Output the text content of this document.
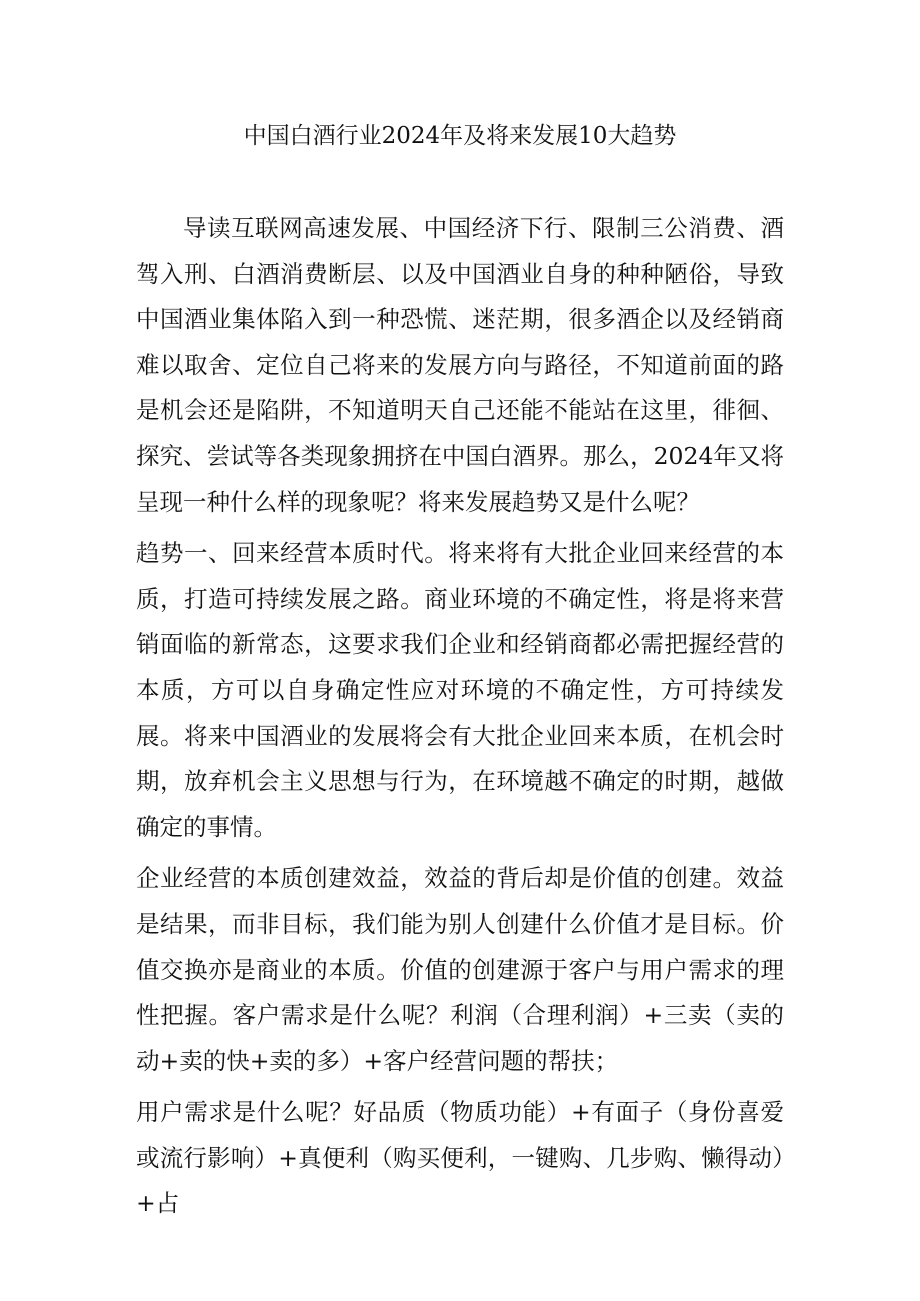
中国白酒行业2024年及将来发展10大趋势

导读互联网高速发展、中国经济下行、限制三公消费、酒驾入刑、白酒消费断层、以及中国酒业自身的种种陋俗，导致中国酒业集体陷入到一种恐慌、迷茫期，很多酒企以及经销商难以取舍、定位自己将来的发展方向与路径，不知道前面的路是机会还是陷阱，不知道明天自己还能不能站在这里，徘徊、探究、尝试等各类现象拥挤在中国白酒界。那么，2024年又将呈现一种什么样的现象呢？将来发展趋势又是什么呢？

趋势一、回来经营本质时代。将来将有大批企业回来经营的本质，打造可持续发展之路。商业环境的不确定性，将是将来营销面临的新常态，这要求我们企业和经销商都必需把握经营的本质，方可以自身确定性应对环境的不确定性，方可持续发展。将来中国酒业的发展将会有大批企业回来本质，在机会时期，放弃机会主义思想与行为，在环境越不确定的时期，越做确定的事情。

企业经营的本质创建效益，效益的背后却是价值的创建。效益是结果，而非目标，我们能为别人创建什么价值才是目标。价值交换亦是商业的本质。价值的创建源于客户与用户需求的理性把握。客户需求是什么呢？利润（合理利润）+三卖（卖的动+卖的快+卖的多）+客户经营问题的帮扶；

用户需求是什么呢？好品质（物质功能）+有面子（身份喜爱或流行影响）+真便利（购买便利，一键购、几步购、懒得动）+占
